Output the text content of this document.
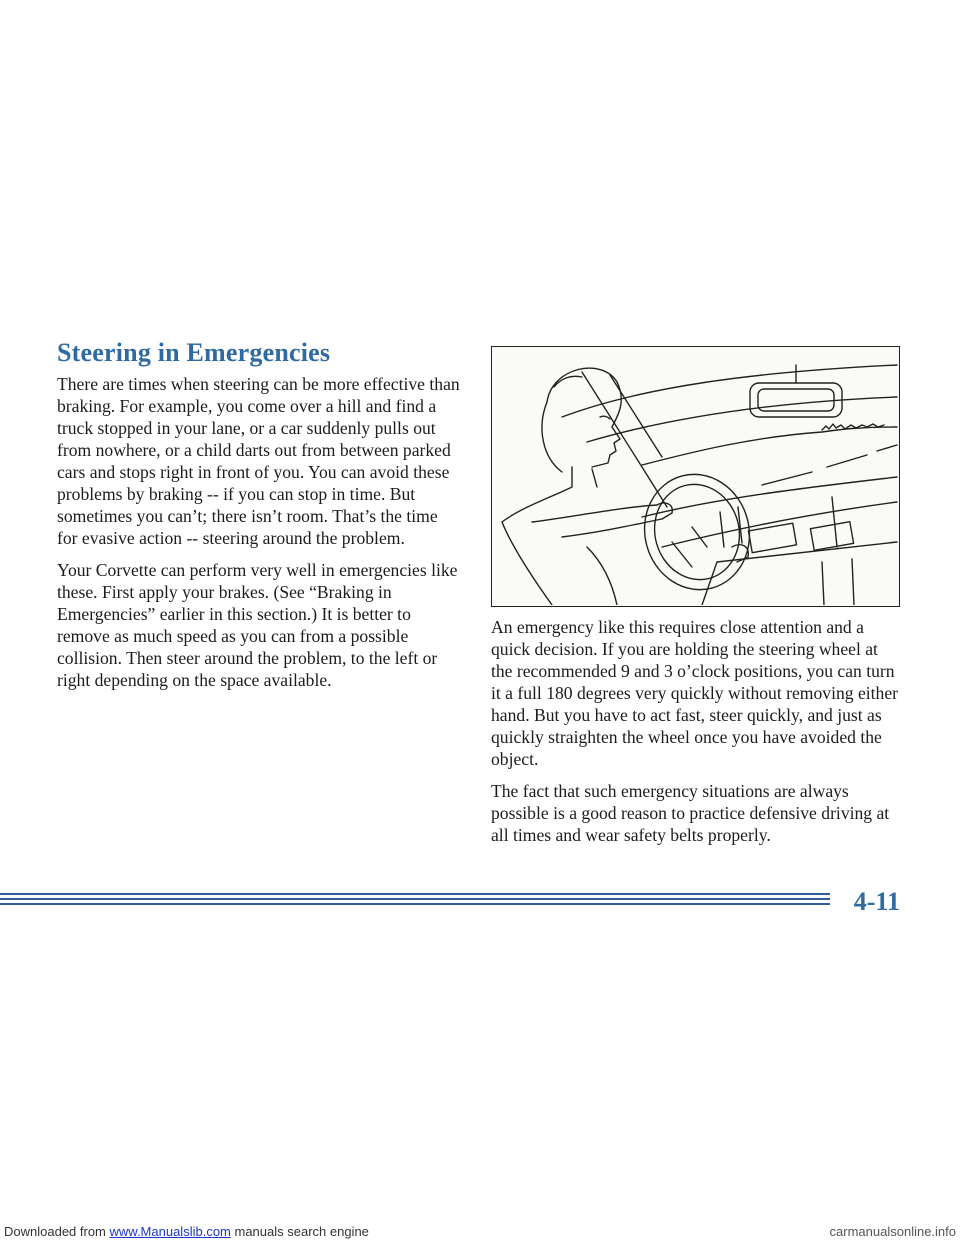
Steering in Emergencies

There are times when steering can be more effective than braking. For example, you come over a hill and find a truck stopped in your lane, or a car suddenly pulls out from nowhere, or a child darts out from between parked cars and stops right in front of you. You can avoid these problems by braking -- if you can stop in time. But sometimes you can’t; there isn’t room. That’s the time for evasive action -- steering around the problem.

Your Corvette can perform very well in emergencies like these. First apply your brakes. (See “Braking in Emergencies” earlier in this section.) It is better to remove as much speed as you can from a possible collision. Then steer around the problem, to the left or right depending on the space available.

An emergency like this requires close attention and a quick decision. If you are holding the steering wheel at the recommended 9 and 3 o’clock positions, you can turn it a full 180 degrees very quickly without removing either hand. But you have to act fast, steer quickly, and just as quickly straighten the wheel once you have avoided the object.

The fact that such emergency situations are always possible is a good reason to practice defensive driving at all times and wear safety belts properly.

4-11
Downloaded from www.Manualslib.com manuals search engine	carmanualsonline.info
